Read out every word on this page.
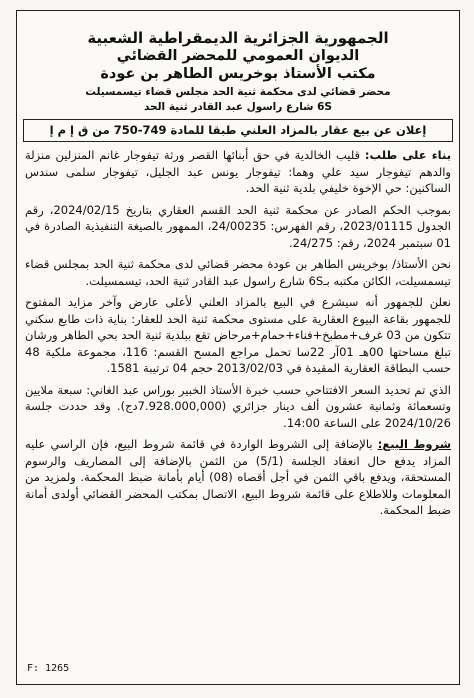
الجمهورية الجزائرية الديمقراطية الشعبية
الديوان العمومي للمحضر القضائي
مكتب الأستاذ بوخريس الطاهر بن عودة
محضر قضائي لدى محكمة ثنية الحد مجلس قضاء تيسمسيلت
6S شارع راسول عبد القادر ثنية الحد
إعلان عن بيع عقار بالمزاد العلني طبقا للمادة 749-750 من ق إ م إ

بناء على طلب: قليب الخالدية في حق أبنائها القصر ورثة تيفوجار غانم المنزلين منزلة والدهم تيفوجار سيد علي وهما: تيفوجار يونس عبد الجليل، تيفوجار سلمى سندس الساكنين: حي الإخوة خليفي بلدية ثنية الحد.

بموجب الحكم الصادر عن محكمة ثنية الحد القسم العقاري بتاريخ 2024/02/15، رقم الجدول 2023/01115، رقم الفهرس: 24/00235، الممهور بالصيغة التنفيذية الصادرة في 01 سبتمبر 2024، رقم: 24/275.

نحن الأستاذ/ بوخريس الطاهر بن عودة محضر قضائي لدى محكمة ثنية الحد بمجلس قضاء تيسمسيلت، الكائن مكتبه بـ6S شارع راسول عبد القادر ثنية الحد، تيسمسيلت.

نعلن للجمهور أنه سيشرع في البيع بالمزاد العلني لأعلى عارض وآخر مزايد المفتوح للجمهور بقاعة البيوع العقارية على مستوى محكمة ثنية الحد للعقار: بناية ذات طابع سكني تتكون من 03 غرف+مطبخ+فناء+حمام+مرحاض تقع ببلدية ثنية الحد بحي الطاهر ورشان تبلغ مساحتها 00هـ 01آر 22سا تحمل مراجع المسح القسم: 116، مجموعة ملكية 48 حسب البطاقة العقارية المقيدة في 2013/02/03 حجم 04 ترتيبة 1581.

الذي تم تحديد السعر الافتتاحي حسب خبرة الأستاذ الخبير بوراس عبد الغاني: سبعة ملايين وتسعمائة وثمانية عشرون ألف دينار جزائري (7.928.000,000دج). وقد حددت جلسة 2024/10/26 على الساعة 14:00.

شروط البيع: بالإضافة إلى الشروط الواردة في قائمة شروط البيع، فإن الراسي عليه المزاد يدفع حال انعقاد الجلسة (5/1) من الثمن بالإضافة إلى المصاريف والرسوم المستحقة، ويدفع باقي الثمن في أجل أقصاه (08) أيام بأمانة ضبط المحكمة. ولمزيد من المعلومات وللاطلاع على قائمة شروط البيع، الاتصال بمكتب المحضر القضائي أولدى أمانة ضبط المحكمة.

F: 1265
